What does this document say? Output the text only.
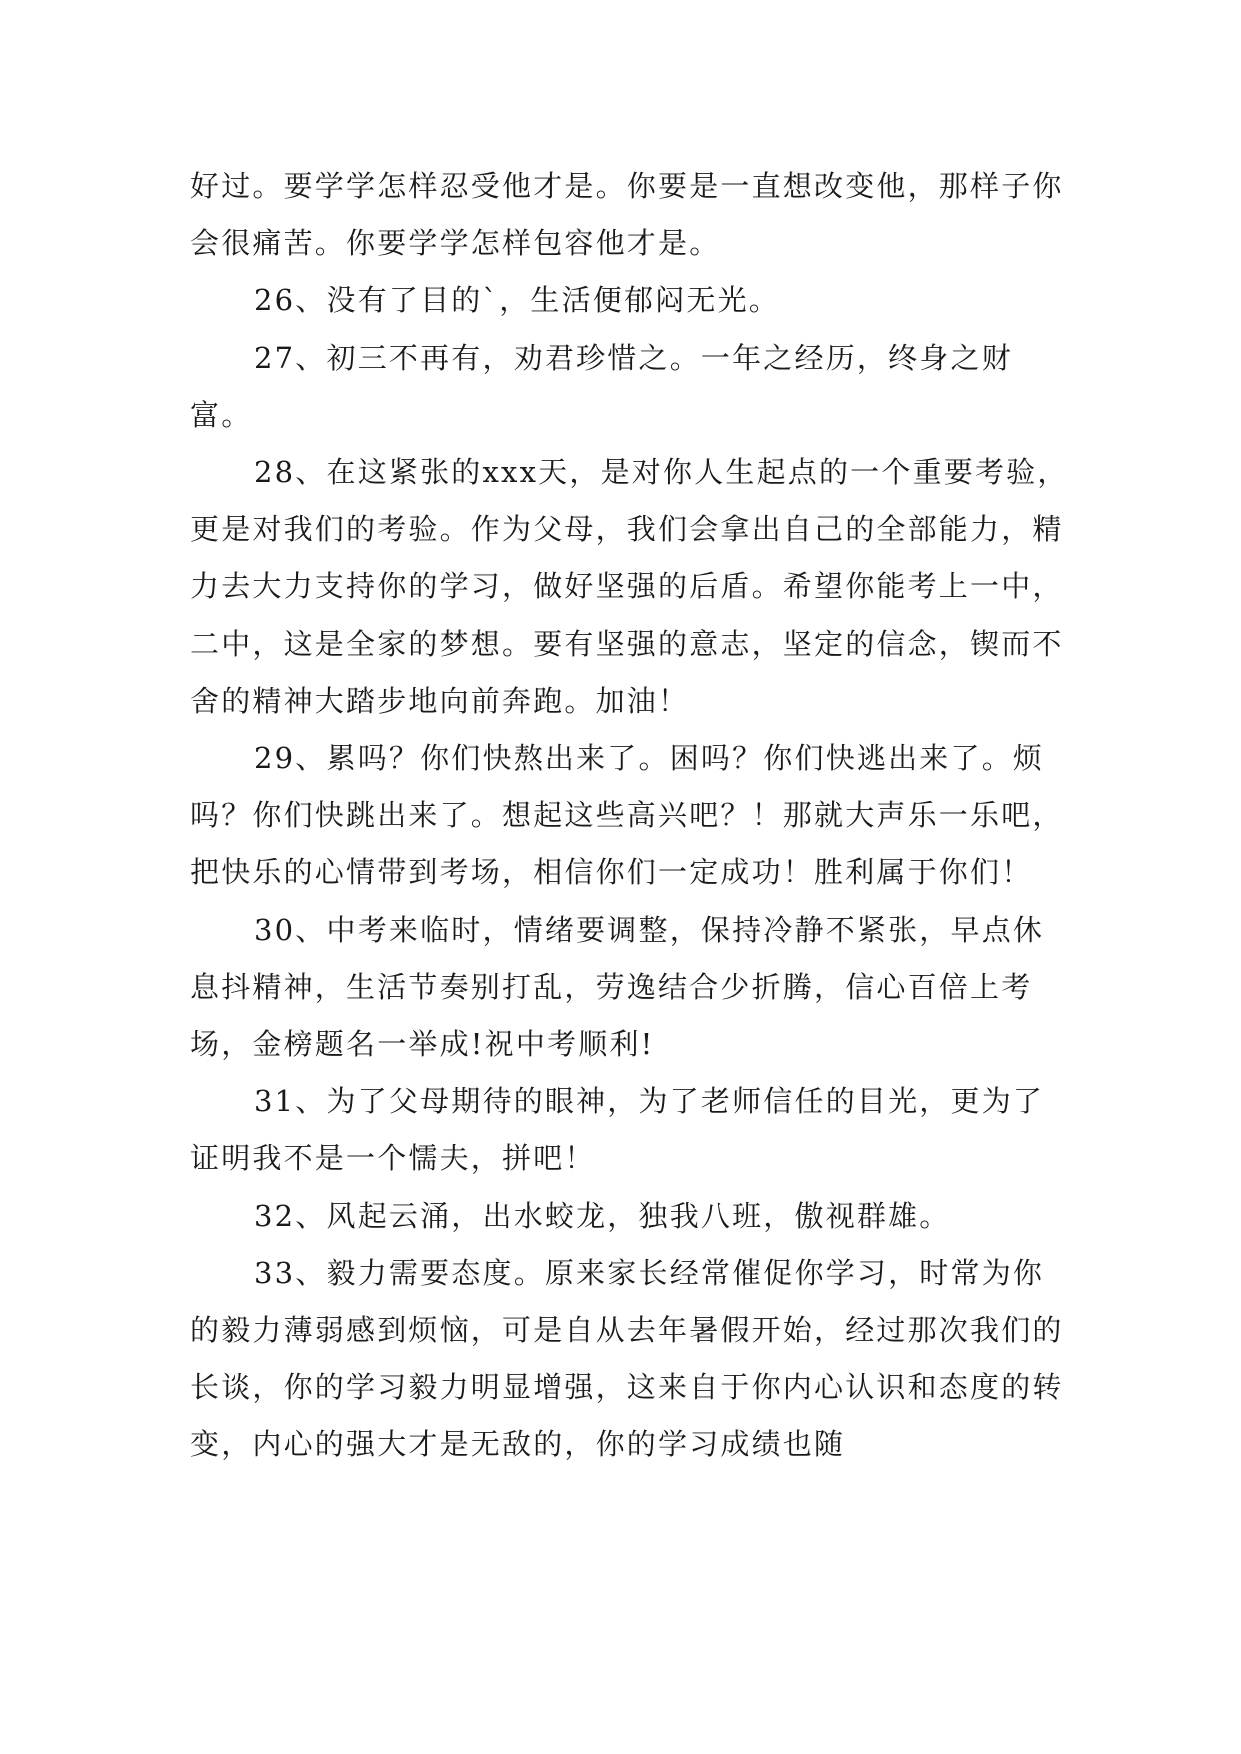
好过。要学学怎样忍受他才是。你要是一直想改变他，那样子你会很痛苦。你要学学怎样包容他才是。

26、没有了目的`，生活便郁闷无光。

27、初三不再有，劝君珍惜之。一年之经历，终身之财富。

28、在这紧张的xxx天，是对你人生起点的一个重要考验，更是对我们的考验。作为父母，我们会拿出自己的全部能力，精力去大力支持你的学习，做好坚强的后盾。希望你能考上一中，二中，这是全家的梦想。要有坚强的意志，坚定的信念，锲而不舍的精神大踏步地向前奔跑。加油！

29、累吗？你们快熬出来了。困吗？你们快逃出来了。烦吗？你们快跳出来了。想起这些高兴吧？！那就大声乐一乐吧，把快乐的心情带到考场，相信你们一定成功！胜利属于你们！

30、中考来临时，情绪要调整，保持冷静不紧张，早点休息抖精神，生活节奏别打乱，劳逸结合少折腾，信心百倍上考场，金榜题名一举成!祝中考顺利!

31、为了父母期待的眼神，为了老师信任的目光，更为了证明我不是一个懦夫，拼吧！

32、风起云涌，出水蛟龙，独我八班，傲视群雄。

33、毅力需要态度。原来家长经常催促你学习，时常为你的毅力薄弱感到烦恼，可是自从去年暑假开始，经过那次我们的长谈，你的学习毅力明显增强，这来自于你内心认识和态度的转变，内心的强大才是无敌的，你的学习成绩也随
